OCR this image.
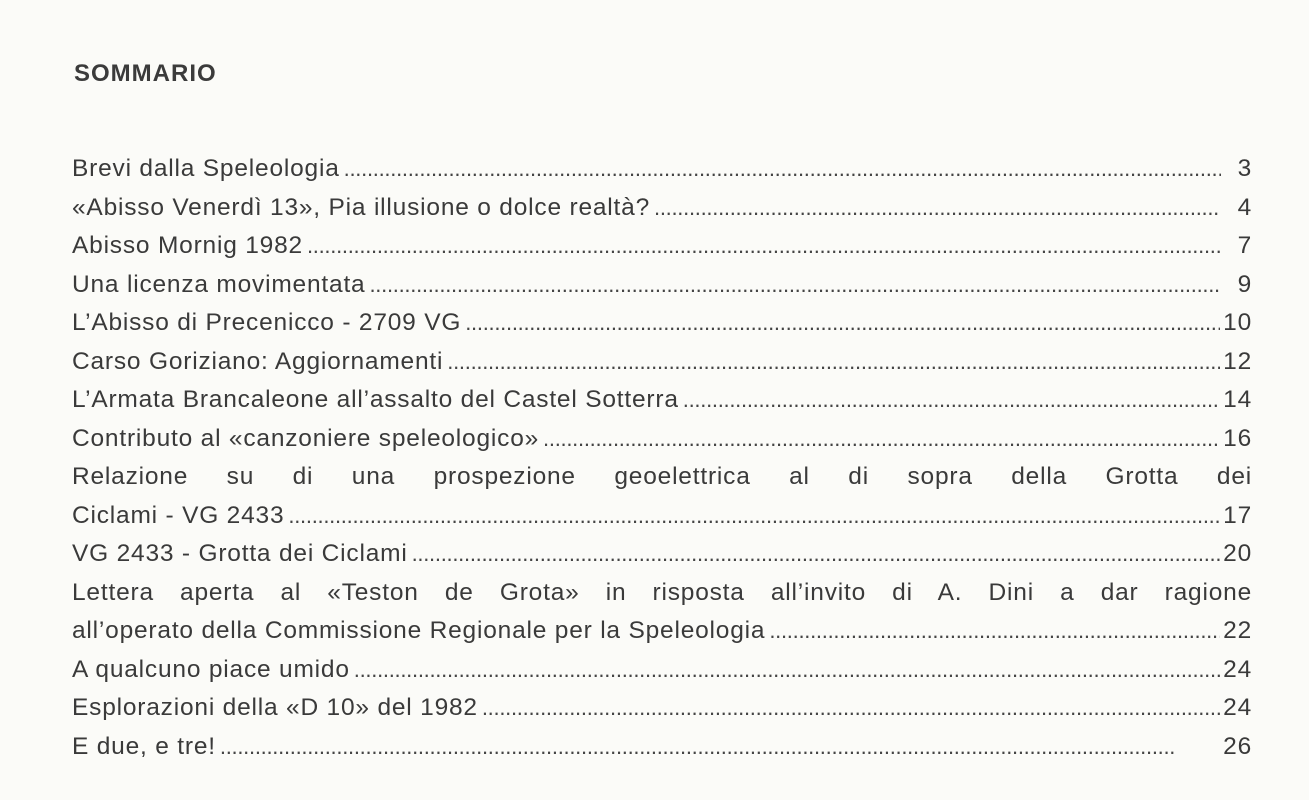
SOMMARIO
Brevi dalla Speleologia . . .	3
«Abisso Venerdì 13», Pia illusione o dolce realtà? . . .	4
Abisso Mornig 1982 . . .	7
Una licenza movimentata . . .	9
L’Abisso di Precenicco - 2709 VG . . .	10
Carso Goriziano: Aggiornamenti . . .	12
L’Armata Brancaleone all’assalto del Castel Sotterra . . .	14
Contributo al «canzoniere speleologico» . . .	16
Relazione su di una prospezione geoelettrica al di sopra della Grotta dei
Ciclami - VG 2433 . . .	17
VG 2433 - Grotta dei Ciclami . . .	20
Lettera aperta al «Teston de Grota» in risposta all’invito di A. Dini a dar ragione
all’operato della Commissione Regionale per la Speleologia . . .	22
A qualcuno piace umido . . .	24
Esplorazioni della «D 10» del 1982 . . .	24
E due, e tre! . . .	26
